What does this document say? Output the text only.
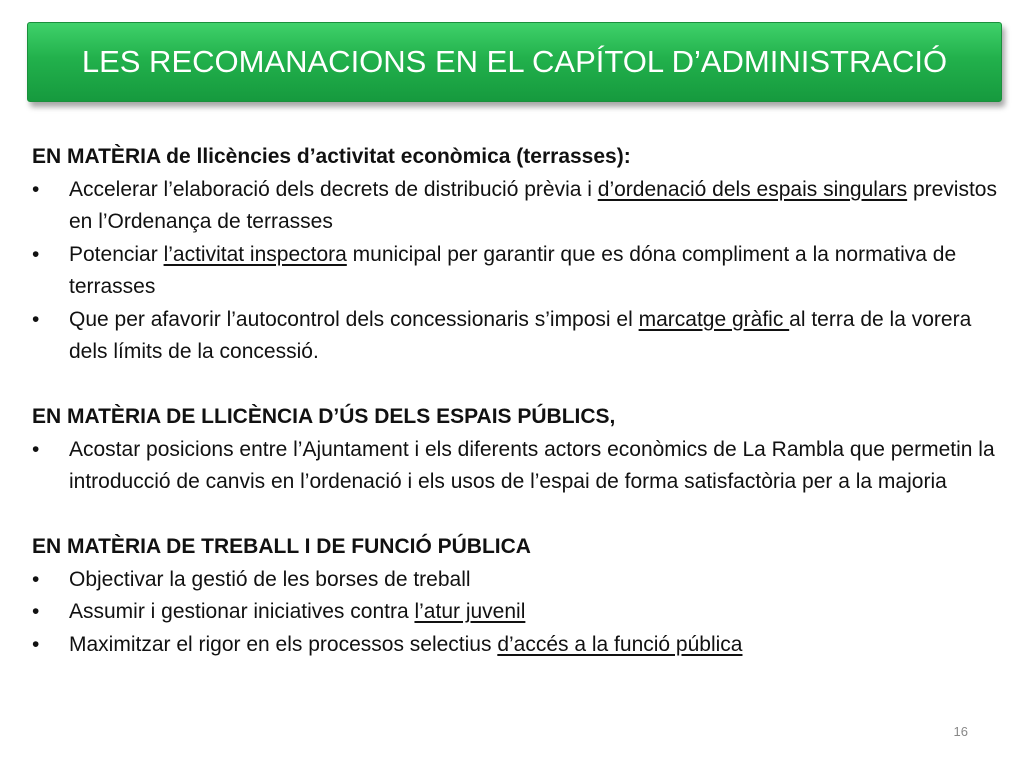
LES RECOMANACIONS EN EL CAPÍTOL D’ADMINISTRACIÓ

EN MATÈRIA de llicències d’activitat econòmica (terrasses):

•	Accelerar l’elaboració dels decrets de distribució prèvia i d’ordenació dels espais singulars previstos en l’Ordenança de terrasses

•	Potenciar l’activitat inspectora municipal per garantir que es dóna compliment a la normativa de terrasses

•	Que per afavorir l’autocontrol dels concessionaris s’imposi el marcatge gràfic al terra de la vorera dels límits de la concessió.

EN MATÈRIA DE LLICÈNCIA D’ÚS DELS ESPAIS PÚBLICS,

•	Acostar posicions entre l’Ajuntament i els diferents actors econòmics de La Rambla que permetin la introducció de canvis en l’ordenació i els usos de l’espai de forma satisfactòria per a la majoria

EN MATÈRIA DE TREBALL I DE FUNCIÓ PÚBLICA

•	Objectivar la gestió de les borses de treball

•	Assumir i gestionar iniciatives contra l’atur juvenil

•	Maximitzar el rigor en els processos selectius d’accés a la funció pública

16
